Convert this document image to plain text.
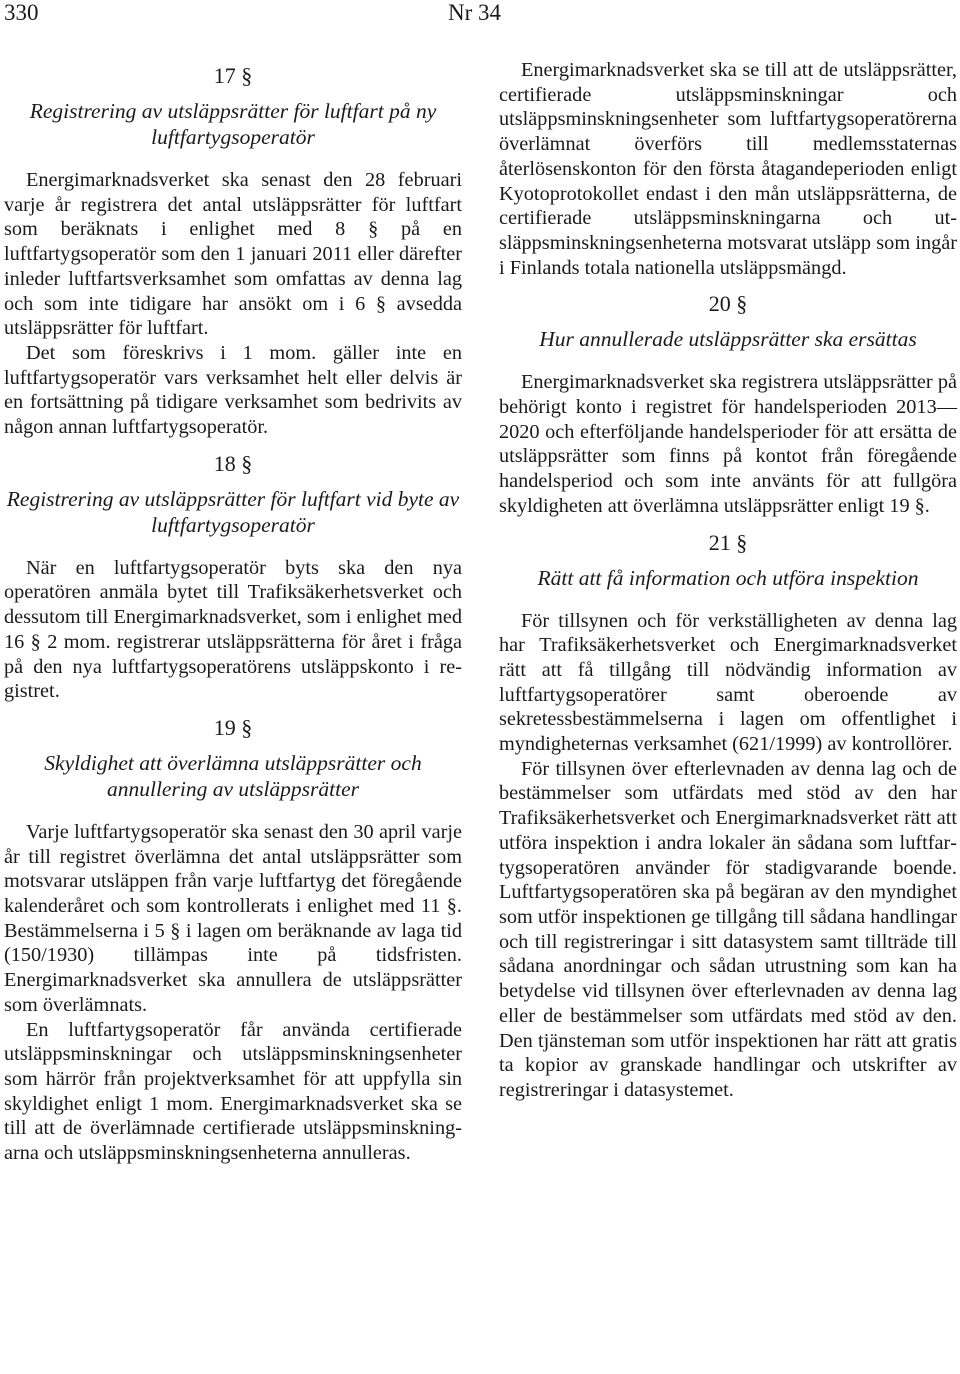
330	Nr 34
17 §
Registrering av utsläppsrätter för luftfart på ny luftfartygsoperatör

Energimarknadsverket ska senast den 28 februari varje år registrera det antal utsläppsrätter för luftfart som beräknats i enlighet med 8 § på en luftfartygsoperatör som den 1 januari 2011 eller därefter inleder luftfartsverksamhet som omfattas av denna lag och som inte tidigare har ansökt om i 6 § avsedda utsläppsrätter för luftfart.

Det som föreskrivs i 1 mom. gäller inte en luftfartygsoperatör vars verksamhet helt eller delvis är en fortsättning på tidigare verksamhet som bedrivits av någon annan luftfartygsoperatör.

18 §
Registrering av utsläppsrätter för luftfart vid byte av luftfartygsoperatör

När en luftfartygsoperatör byts ska den nya operatören anmäla bytet till Trafiksäkerhetsverket och dessutom till Energimarknadsverket, som i enlighet med 16 § 2 mom. registrerar utsläppsrätterna för året i fråga på den nya luftfartygsoperatörens utsläppskonto i registret.

19 §
Skyldighet att överlämna utsläppsrätter och annullering av utsläppsrätter

Varje luftfartygsoperatör ska senast den 30 april varje år till registret överlämna det antal utsläppsrätter som motsvarar utsläppen från varje luftfartyg det föregående kalenderåret och som kontrollerats i enlighet med 11 §. Bestämmelserna i 5 § i lagen om beräknande av laga tid (150/1930) tillämpas inte på tidsfristen. Energimarknadsverket ska annullera de utsläppsrätter som överlämnats.

En luftfartygsoperatör får använda certifierade utsläppsminskningar och utsläppsminskningsenheter som härrör från projektverksamhet för att uppfylla sin skyldighet enligt 1 mom. Energimarknadsverket ska se till att de överlämnade certifierade utsläppsminskningarna och utsläppsminskningsenheterna annulleras.

Energimarknadsverket ska se till att de utsläppsrätter, certifierade utsläppsminskningar och utsläppsminskningsenheter som luftfartygsoperatörerna överlämnat överförs till medlemsstaternas återlösenskonton för den första åtagandeperioden enligt Kyotoprotokollet endast i den mån utsläppsrätterna, de certifierade utsläppsminskningarna och utsläppsminskningsenheterna motsvarat utsläpp som ingår i Finlands totala nationella utsläppsmängd.

20 §
Hur annullerade utsläppsrätter ska ersättas

Energimarknadsverket ska registrera utsläppsrätter på behörigt konto i registret för handelsperioden 2013—2020 och efterföljande handelsperioder för att ersätta de utsläppsrätter som finns på kontot från föregående handelsperiod och som inte använts för att fullgöra skyldigheten att överlämna utsläppsrätter enligt 19 §.

21 §
Rätt att få information och utföra inspektion

För tillsynen och för verkställigheten av denna lag har Trafiksäkerhetsverket och Energimarknadsverket rätt att få tillgång till nödvändig information av luftfartygsoperatörer samt oberoende av sekretessbestämmelserna i lagen om offentlighet i myndigheternas verksamhet (621/1999) av kontrollörer.

För tillsynen över efterlevnaden av denna lag och de bestämmelser som utfärdats med stöd av den har Trafiksäkerhetsverket och Energimarknadsverket rätt att utföra inspektion i andra lokaler än sådana som luftfartygsoperatören använder för stadigvarande boende. Luftfartygsoperatören ska på begäran av den myndighet som utför inspektionen ge tillgång till sådana handlingar och till registreringar i sitt datasystem samt tillträde till sådana anordningar och sådan utrustning som kan ha betydelse vid tillsynen över efterlevnaden av denna lag eller de bestämmelser som utfärdats med stöd av den. Den tjänsteman som utför inspektionen har rätt att gratis ta kopior av granskade handlingar och utskrifter av registreringar i datasystemet.
